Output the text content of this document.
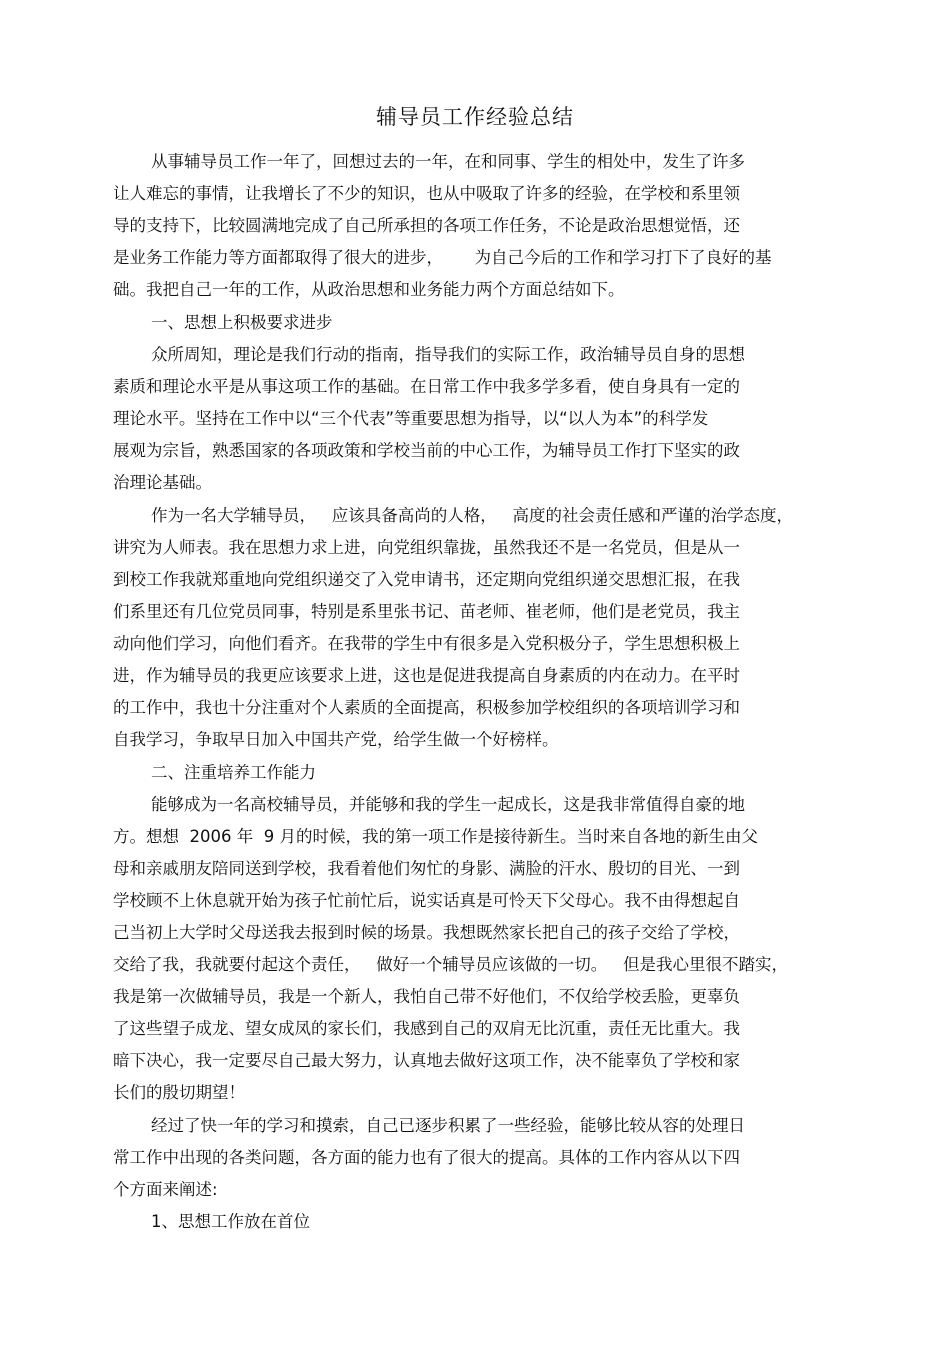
辅导员工作经验总结
从事辅导员工作一年了，回想过去的一年，在和同事、学生的相处中，发生了许多
让人难忘的事情，让我增长了不少的知识，也从中吸取了许多的经验，在学校和系里领
导的支持下，比较圆满地完成了自己所承担的各项工作任务，不论是政治思想觉悟，还
是业务工作能力等方面都取得了很大的进步，      为自己今后的工作和学习打下了良好的基
础。我把自己一年的工作，从政治思想和业务能力两个方面总结如下。
一、思想上积极要求进步
众所周知，理论是我们行动的指南，指导我们的实际工作，政治辅导员自身的思想
素质和理论水平是从事这项工作的基础。在日常工作中我多学多看，使自身具有一定的
理论水平。坚持在工作中以“三个代表”等重要思想为指导，以“以人为本”的科学发
展观为宗旨，熟悉国家的各项政策和学校当前的中心工作，为辅导员工作打下坚实的政
治理论基础。
作为一名大学辅导员，   应该具备高尚的人格，   高度的社会责任感和严谨的治学态度，
讲究为人师表。我在思想力求上进，向党组织靠拢，虽然我还不是一名党员，但是从一
到校工作我就郑重地向党组织递交了入党申请书，还定期向党组织递交思想汇报，在我
们系里还有几位党员同事，特别是系里张书记、苗老师、崔老师，他们是老党员，我主
动向他们学习，向他们看齐。在我带的学生中有很多是入党积极分子，学生思想积极上
进，作为辅导员的我更应该要求上进，这也是促进我提高自身素质的内在动力。在平时
的工作中，我也十分注重对个人素质的全面提高，积极参加学校组织的各项培训学习和
自我学习，争取早日加入中国共产党，给学生做一个好榜样。
二、注重培养工作能力
能够成为一名高校辅导员，并能够和我的学生一起成长，这是我非常值得自豪的地
方。想想  2006 年  9 月的时候，我的第一项工作是接待新生。当时来自各地的新生由父
母和亲戚朋友陪同送到学校，我看着他们匆忙的身影、满脸的汗水、殷切的目光、一到
学校顾不上休息就开始为孩子忙前忙后，说实话真是可怜天下父母心。我不由得想起自
己当初上大学时父母送我去报到时候的场景。我想既然家长把自己的孩子交给了学校，
交给了我，我就要付起这个责任，   做好一个辅导员应该做的一切。   但是我心里很不踏实，
我是第一次做辅导员，我是一个新人，我怕自己带不好他们，不仅给学校丢脸，更辜负
了这些望子成龙、望女成凤的家长们，我感到自己的双肩无比沉重，责任无比重大。我
暗下决心，我一定要尽自己最大努力，认真地去做好这项工作，决不能辜负了学校和家
长们的殷切期望！
经过了快一年的学习和摸索，自己已逐步积累了一些经验，能够比较从容的处理日
常工作中出现的各类问题，各方面的能力也有了很大的提高。具体的工作内容从以下四
个方面来阐述:
1、思想工作放在首位
